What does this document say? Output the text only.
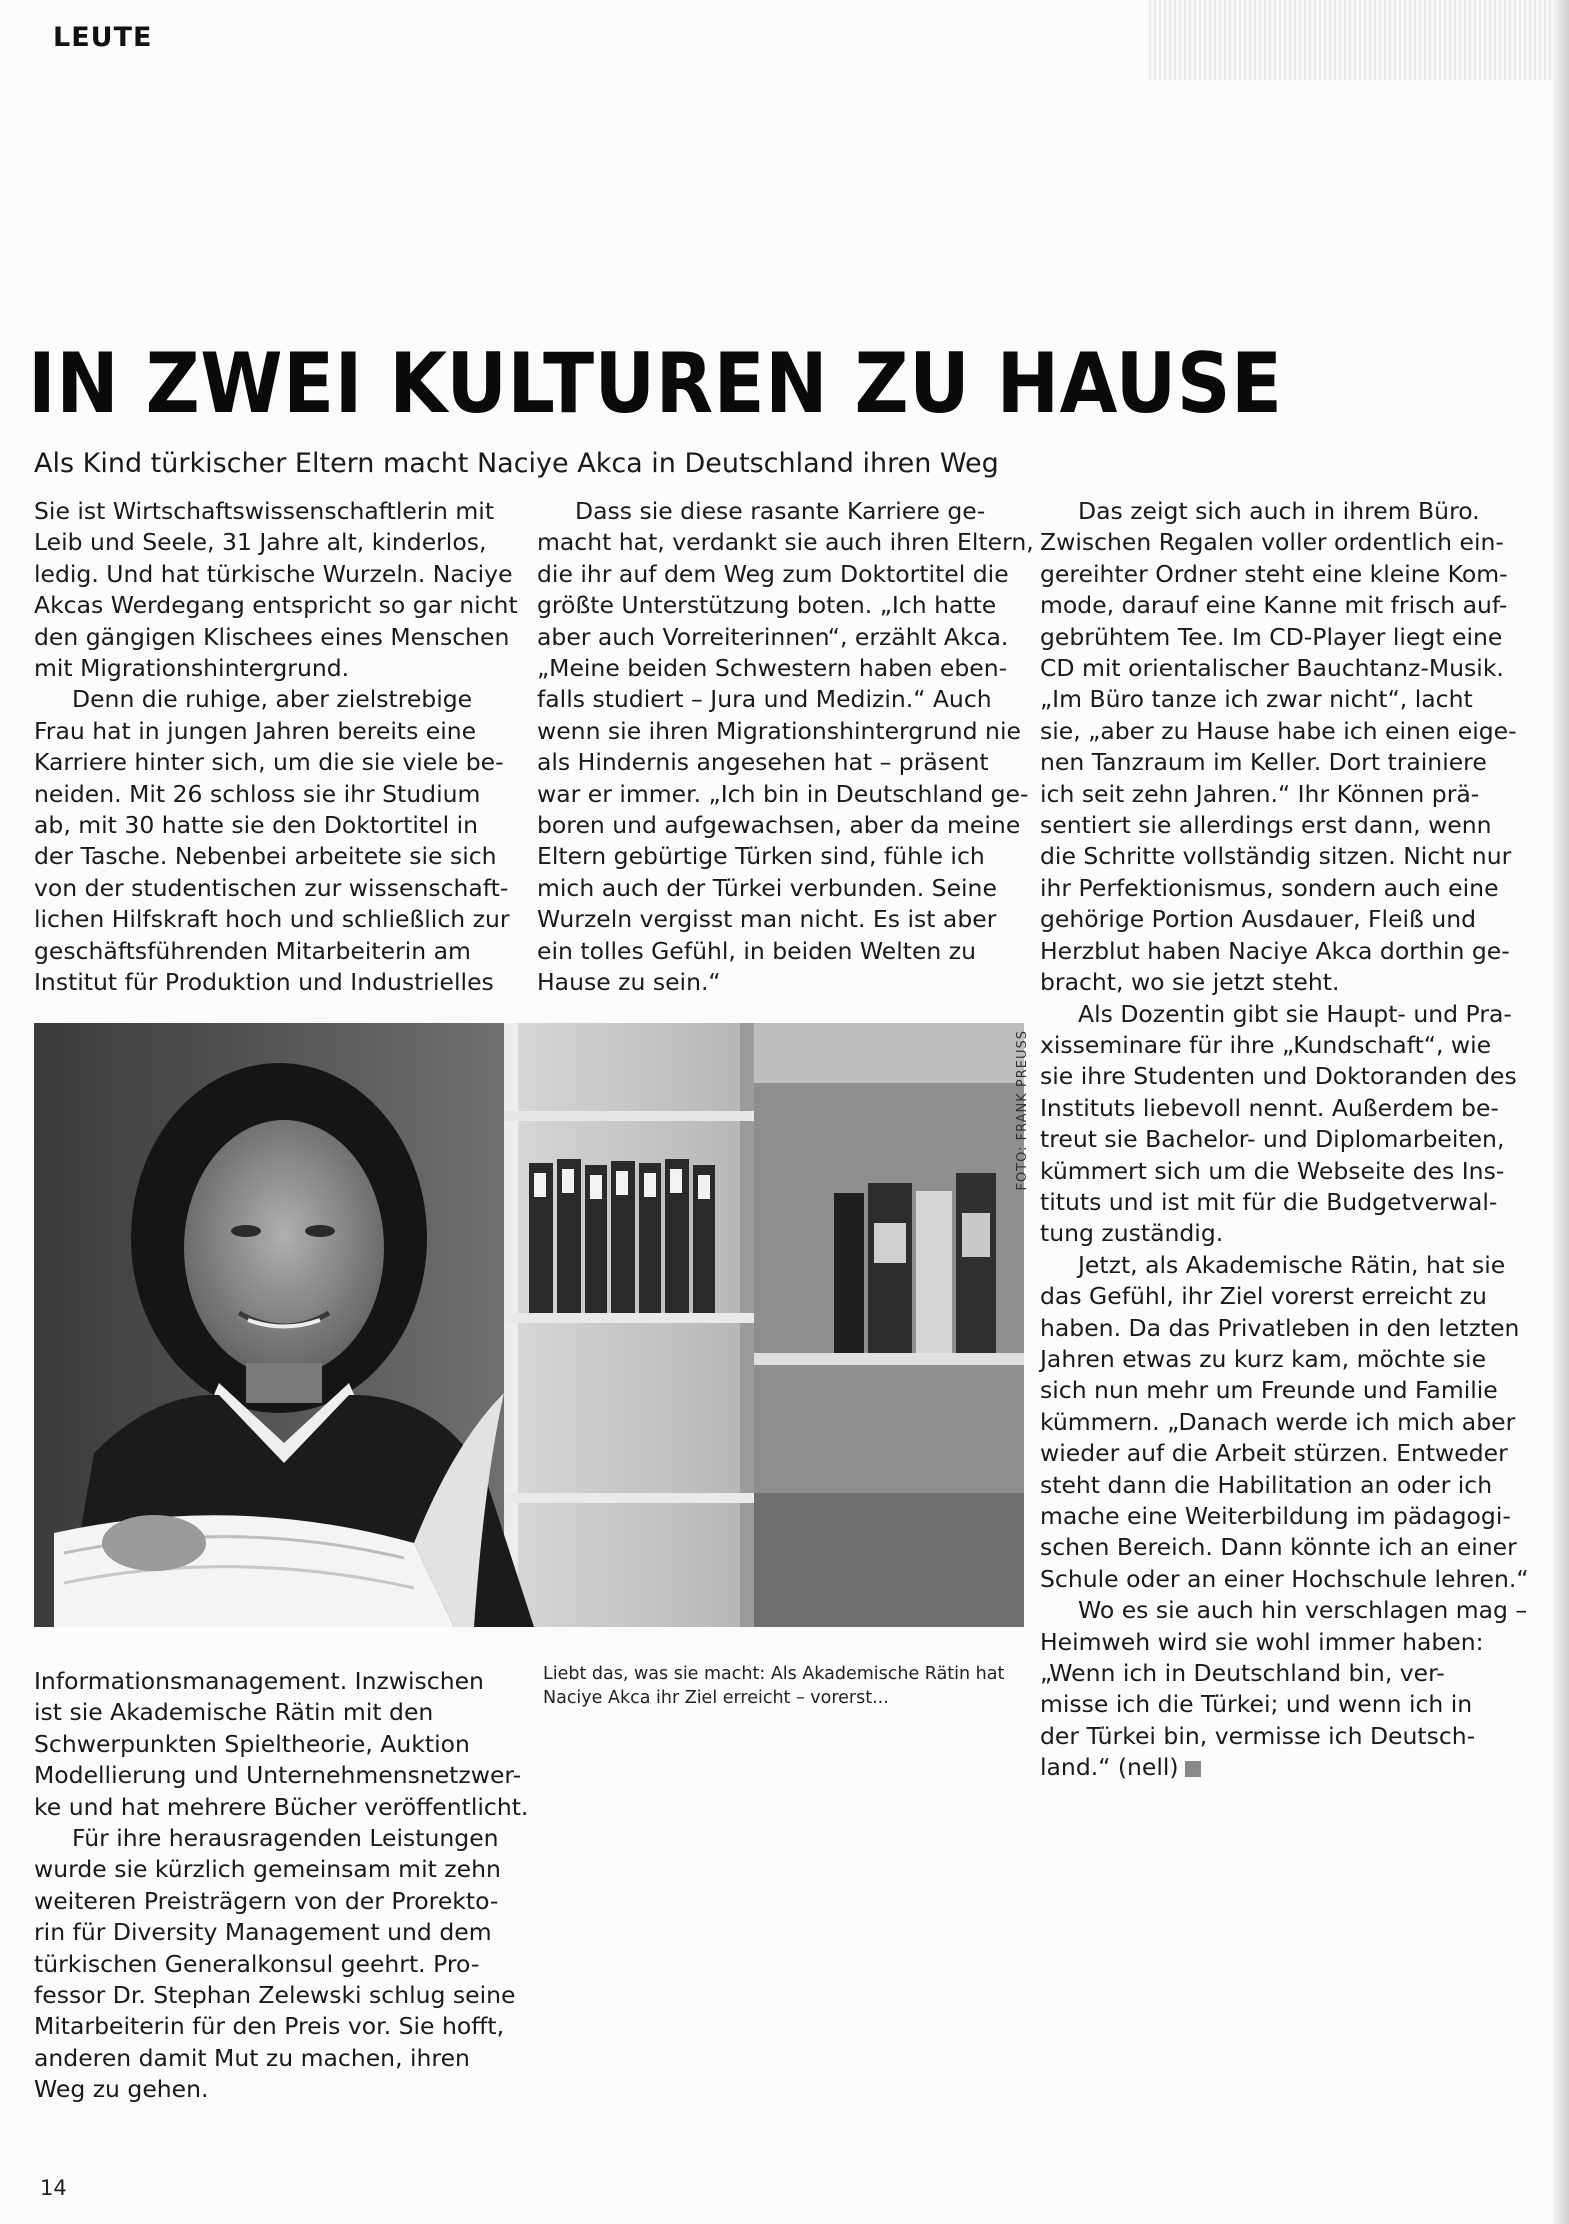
LEUTE
IN ZWEI KULTUREN ZU HAUSE
Als Kind türkischer Eltern macht Naciye Akca in Deutschland ihren Weg

Sie ist Wirtschaftswissenschaftlerin mit

Leib und Seele, 31 Jahre alt, kinderlos,

ledig. Und hat türkische Wurzeln. Naciye

Akcas Werdegang entspricht so gar nicht

den gängigen Klischees eines Menschen

mit Migrationshintergrund.

Denn die ruhige, aber zielstrebige

Frau hat in jungen Jahren bereits eine

Karriere hinter sich, um die sie viele be-

neiden. Mit 26 schloss sie ihr Studium

ab, mit 30 hatte sie den Doktortitel in

der Tasche. Nebenbei arbeitete sie sich

von der studentischen zur wissenschaft-

lichen Hilfskraft hoch und schließlich zur

geschäftsführenden Mitarbeiterin am

Institut für Produktion und Industrielles

Dass sie diese rasante Karriere ge-

macht hat, verdankt sie auch ihren Eltern,

die ihr auf dem Weg zum Doktortitel die

größte Unterstützung boten. „Ich hatte

aber auch Vorreiterinnen“, erzählt Akca.

„Meine beiden Schwestern haben eben-

falls studiert – Jura und Medizin.“ Auch

wenn sie ihren Migrationshintergrund nie

als Hindernis angesehen hat – präsent

war er immer. „Ich bin in Deutschland ge-

boren und aufgewachsen, aber da meine

Eltern gebürtige Türken sind, fühle ich

mich auch der Türkei verbunden. Seine

Wurzeln vergisst man nicht. Es ist aber

ein tolles Gefühl, in beiden Welten zu

Hause zu sein.“

Das zeigt sich auch in ihrem Büro.

Zwischen Regalen voller ordentlich ein-

gereihter Ordner steht eine kleine Kom-

mode, darauf eine Kanne mit frisch auf-

gebrühtem Tee. Im CD-Player liegt eine

CD mit orientalischer Bauchtanz-Musik.

„Im Büro tanze ich zwar nicht“, lacht

sie, „aber zu Hause habe ich einen eige-

nen Tanzraum im Keller. Dort trainiere

ich seit zehn Jahren.“ Ihr Können prä-

sentiert sie allerdings erst dann, wenn

die Schritte vollständig sitzen. Nicht nur

ihr Perfektionismus, sondern auch eine

gehörige Portion Ausdauer, Fleiß und

Herzblut haben Naciye Akca dorthin ge-

bracht, wo sie jetzt steht.

Als Dozentin gibt sie Haupt- und Pra-

xisseminare für ihre „Kundschaft“, wie

sie ihre Studenten und Doktoranden des

Instituts liebevoll nennt. Außerdem be-

treut sie Bachelor- und Diplomarbeiten,

kümmert sich um die Webseite des Ins-

tituts und ist mit für die Budgetverwal-

tung zuständig.

Jetzt, als Akademische Rätin, hat sie

das Gefühl, ihr Ziel vorerst erreicht zu

haben. Da das Privatleben in den letzten

Jahren etwas zu kurz kam, möchte sie

sich nun mehr um Freunde und Familie

kümmern. „Danach werde ich mich aber

wieder auf die Arbeit stürzen. Entweder

steht dann die Habilitation an oder ich

mache eine Weiterbildung im pädagogi-

schen Bereich. Dann könnte ich an einer

Schule oder an einer Hochschule lehren.“

Wo es sie auch hin verschlagen mag –

Heimweh wird sie wohl immer haben:

„Wenn ich in Deutschland bin, ver-

misse ich die Türkei; und wenn ich in

der Türkei bin, vermisse ich Deutsch-

land.“ (nell)

FOTO: FRANK PREUSS
Liebt das, was sie macht: Als Akademische Rätin hat
Naciye Akca ihr Ziel erreicht – vorerst...

Informationsmanagement. Inzwischen

ist sie Akademische Rätin mit den

Schwerpunkten Spieltheorie, Auktion

Modellierung und Unternehmensnetzwer-

ke und hat mehrere Bücher veröffentlicht.

Für ihre herausragenden Leistungen

wurde sie kürzlich gemeinsam mit zehn

weiteren Preisträgern von der Prorekto-

rin für Diversity Management und dem

türkischen Generalkonsul geehrt. Pro-

fessor Dr. Stephan Zelewski schlug seine

Mitarbeiterin für den Preis vor. Sie hofft,

anderen damit Mut zu machen, ihren

Weg zu gehen.

14
